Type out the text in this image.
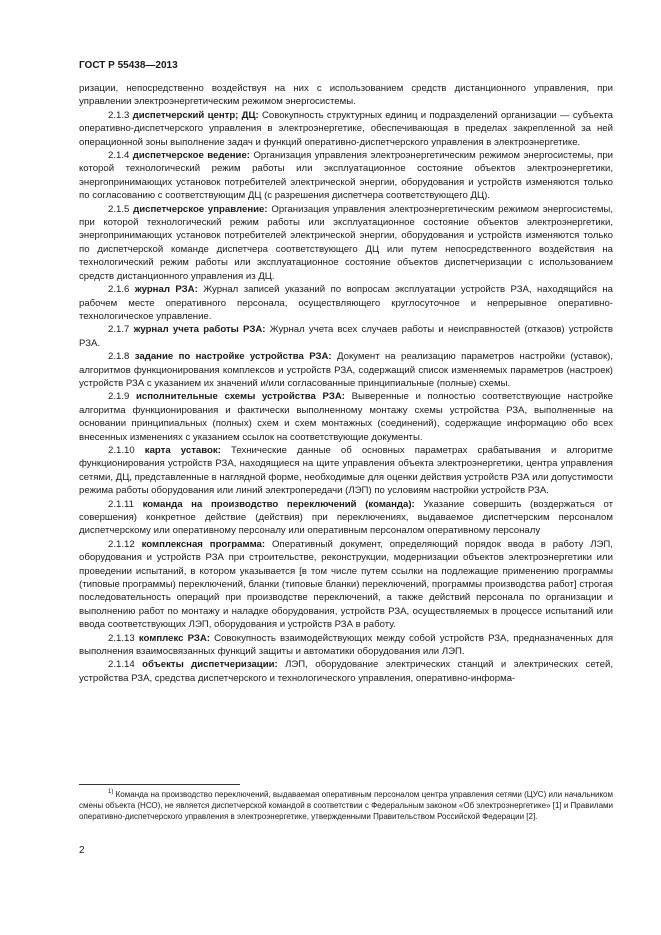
ГОСТ Р 55438—2013

ризации, непосредственно воздействуя на них с использованием средств дистанционного управления, при управлении электроэнергетическим режимом энергосистемы.

2.1.3 диспетчерский центр; ДЦ: Совокупность структурных единиц и подразделений организации — субъекта оперативно-диспетчерского управления в электроэнергетике, обеспечивающая в пределах закрепленной за ней операционной зоны выполнение задач и функций оперативно-диспетчерского управления в электроэнергетике.

2.1.4 диспетчерское ведение: Организация управления электроэнергетическим режимом энергосистемы, при которой технологический режим работы или эксплуатационное состояние объектов электроэнергетики, энергопринимающих установок потребителей электрической энергии, оборудования и устройств изменяются только по согласованию с соответствующим ДЦ (с разрешения диспетчера соответствующего ДЦ).

2.1.5 диспетчерское управление: Организация управления электроэнергетическим режимом энергосистемы, при которой технологический режим работы или эксплуатационное состояние объектов электроэнергетики, энергопринимающих установок потребителей электрической энергии, оборудования и устройств изменяются только по диспетчерской команде диспетчера соответствующего ДЦ или путем непосредственного воздействия на технологический режим работы или эксплуатационное состояние объектов диспетчеризации с использованием средств дистанционного управления из ДЦ.

2.1.6 журнал РЗА: Журнал записей указаний по вопросам эксплуатации устройств РЗА, находящийся на рабочем месте оперативного персонала, осуществляющего круглосуточное и непрерывное оперативно-технологическое управление.

2.1.7 журнал учета работы РЗА: Журнал учета всех случаев работы и неисправностей (отказов) устройств РЗА.

2.1.8 задание по настройке устройства РЗА: Документ на реализацию параметров настройки (уставок), алгоритмов функционирования комплексов и устройств РЗА, содержащий список изменяемых параметров (настроек) устройств РЗА с указанием их значений и/или согласованные принципиальные (полные) схемы.

2.1.9 исполнительные схемы устройства РЗА: Выверенные и полностью соответствующие настройке алгоритма функционирования и фактически выполненному монтажу схемы устройства РЗА, выполненные на основании принципиальных (полных) схем и схем монтажных (соединений), содержащие информацию обо всех внесенных изменениях с указанием ссылок на соответствующие документы.

2.1.10 карта уставок: Технические данные об основных параметрах срабатывания и алгоритме функционирования устройств РЗА, находящиеся на щите управления объекта электроэнергетики, центра управления сетями, ДЦ, представленные в наглядной форме, необходимые для оценки действия устройств РЗА или допустимости режима работы оборудования или линий электропередачи (ЛЭП) по условиям настройки устройств РЗА.

2.1.11 команда на производство переключений (команда): Указание совершить (воздержаться от совершения) конкретное действие (действия) при переключениях, выдаваемое диспетчерским персоналом диспетчерскому или оперативному персоналу или оперативным персоналом оперативному персоналу

2.1.12 комплексная программа: Оперативный документ, определяющий порядок ввода в работу ЛЭП, оборудования и устройств РЗА при строительстве, реконструкции, модернизации объектов электроэнергетики или проведении испытаний, в котором указывается [в том числе путем ссылки на подлежащие применению программы (типовые программы) переключений, бланки (типовые бланки) переключений, программы производства работ] строгая последовательность операций при производстве переключений, а также действий персонала по организации и выполнению работ по монтажу и наладке оборудования, устройств РЗА, осуществляемых в процессе испытаний или ввода соответствующих ЛЭП, оборудования и устройств РЗА в работу.

2.1.13 комплекс РЗА: Совокупность взаимодействующих между собой устройств РЗА, предназначенных для выполнения взаимосвязанных функций защиты и автоматики оборудования или ЛЭП.

2.1.14 объекты диспетчеризации: ЛЭП, оборудование электрических станций и электрических сетей, устройства РЗА, средства диспетчерского и технологического управления, оперативно-информа-

$^{1)}$ Команда на производство переключений, выдаваемая оперативным персоналом центра управления сетями (ЦУС) или начальником смены объекта (НСО), не является диспетчерской командой в соответствии с Федеральным законом «Об электроэнергетике» [1] и Правилами оперативно-диспетчерского управления в электроэнергетике, утвержденными Правительством Российской Федерации [2].
2
